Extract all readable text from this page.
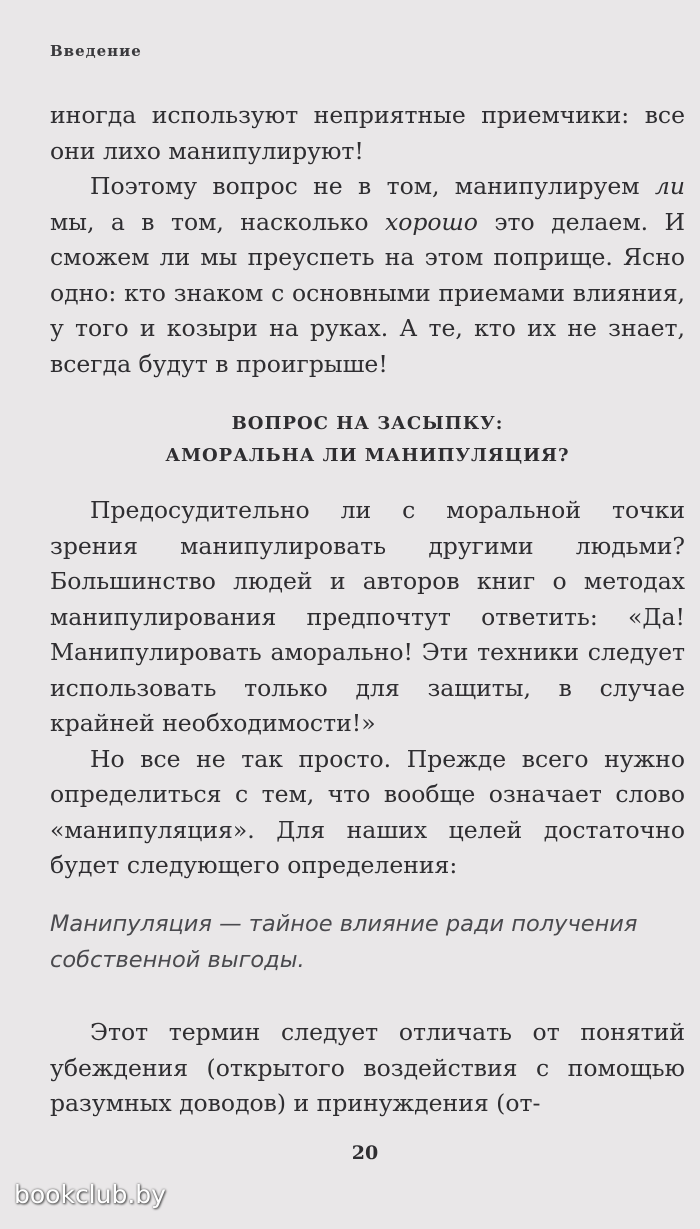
Введение

иногда используют неприятные приемчики: все они лихо манипулируют!

Поэтому вопрос не в том, манипулируем ли мы, а в том, насколько хорошо это делаем. И сможем ли мы преуспеть на этом поприще. Ясно одно: кто знаком с основными приемами влияния, у того и козыри на руках. А те, кто их не знает, всегда будут в проигрыше!

ВОПРОС НА ЗАСЫПКУ:
АМОРАЛЬНА ЛИ МАНИПУЛЯЦИЯ?

Предосудительно ли с моральной точки зрения манипулировать другими людьми? Большинство людей и авторов книг о методах манипулирования предпочтут ответить: «Да! Манипулировать аморально! Эти техники следует использовать только для защиты, в случае крайней необходимости!»

Но все не так просто. Прежде всего нужно определиться с тем, что вообще означает слово «манипуляция». Для наших целей достаточно будет следующего определения:

Манипуляция — тайное влияние ради получения собственной выгоды.

Этот термин следует отличать от понятий убеждения (открытого воздействия с помощью разумных доводов) и принуждения (от-

20
bookclub.by
